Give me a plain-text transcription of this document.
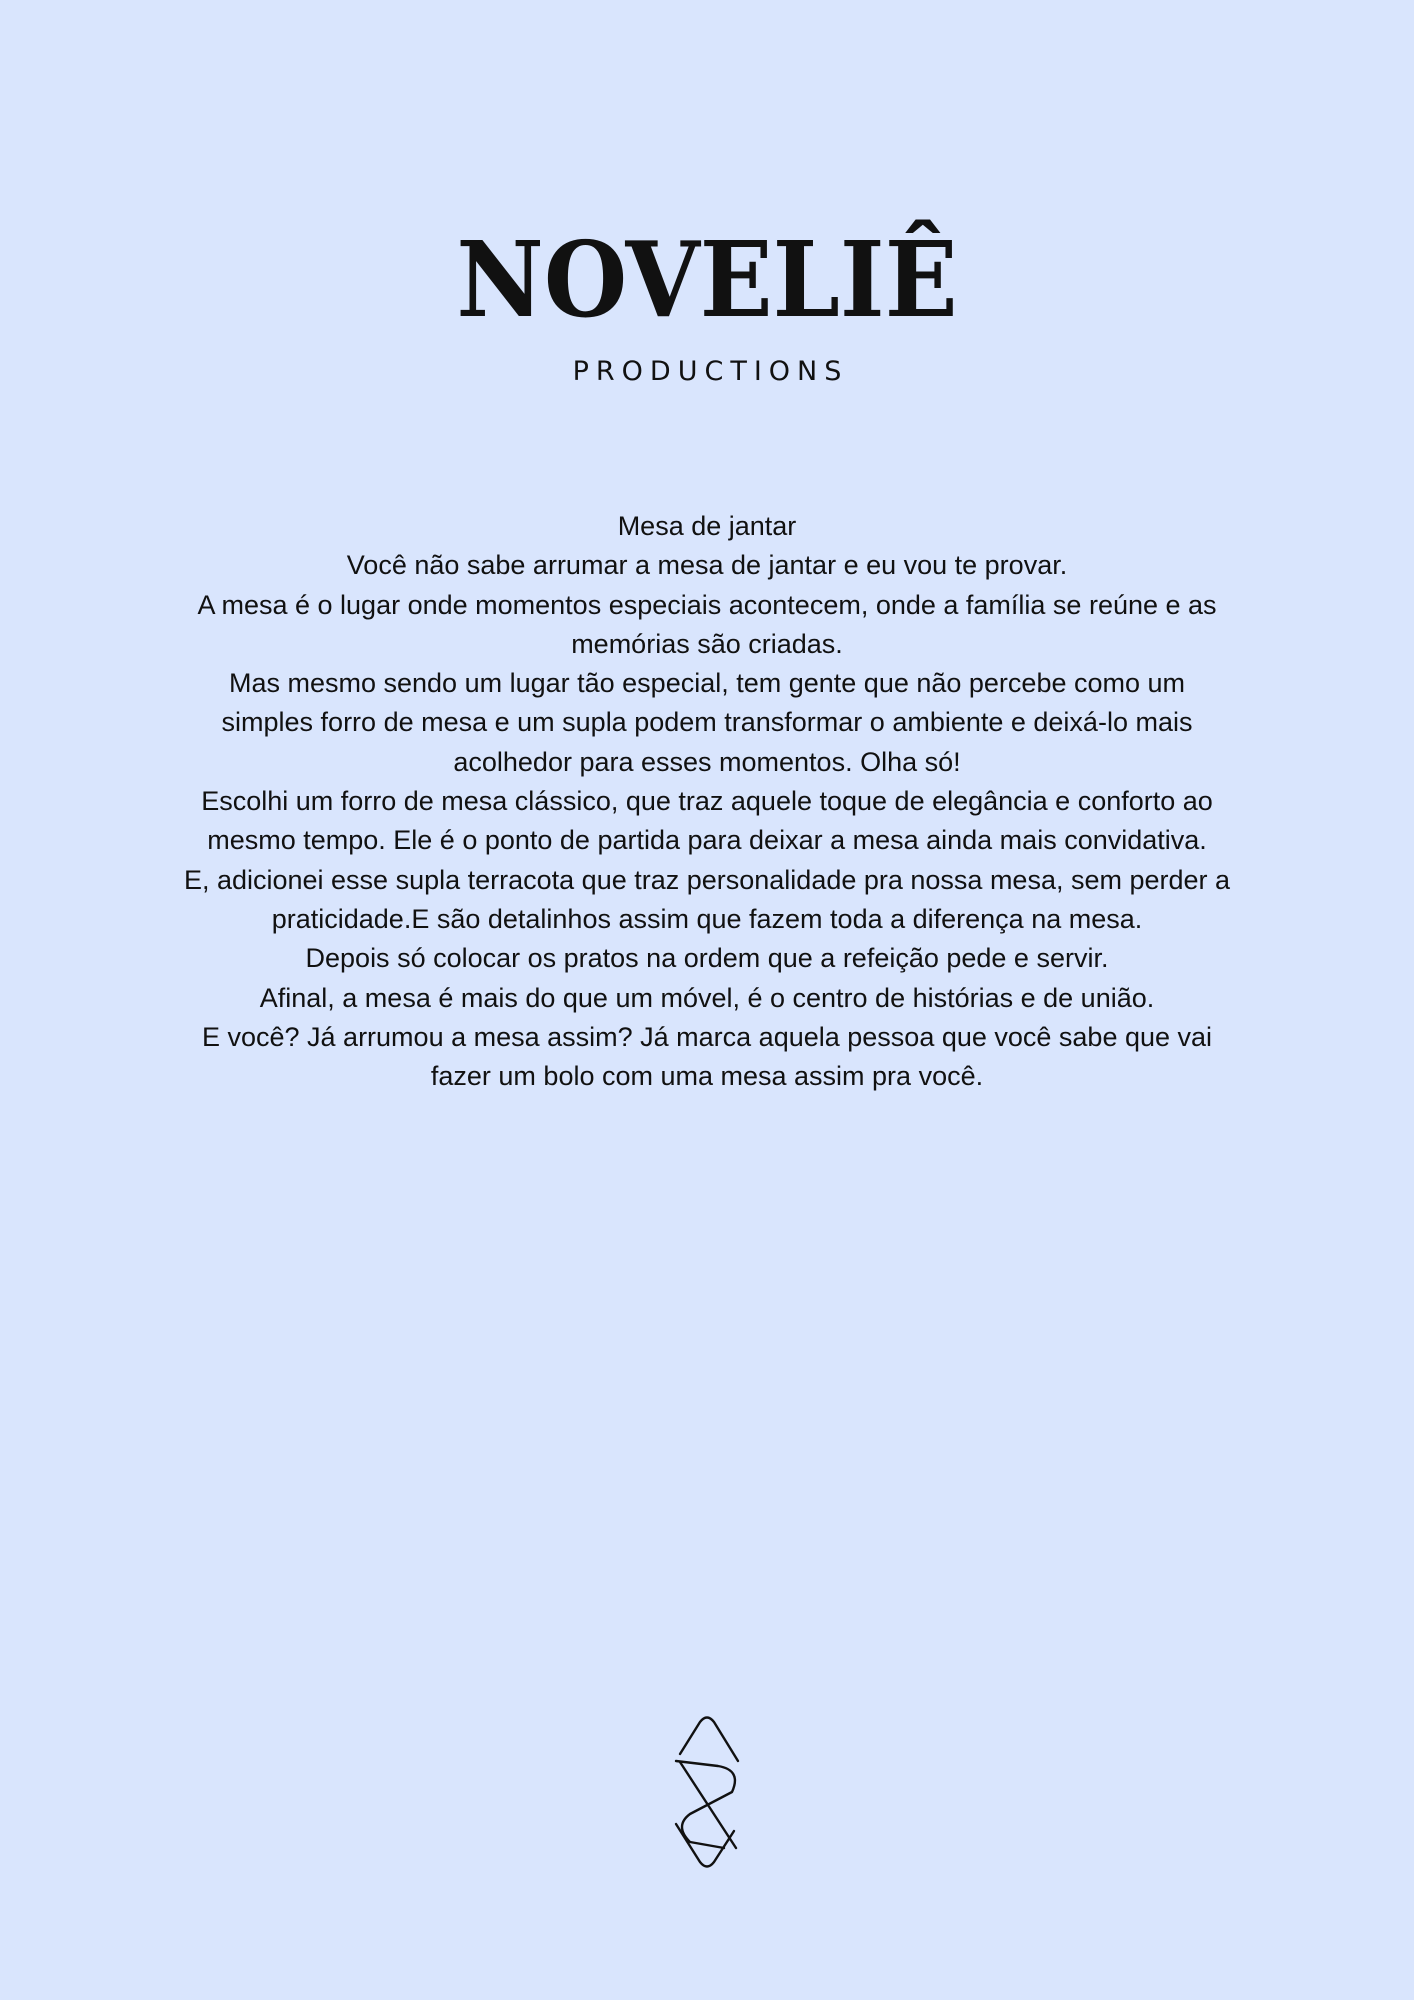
NOVELIÊ
PRODUCTIONS

Mesa de jantar

Você não sabe arrumar a mesa de jantar e eu vou te provar.

A mesa é o lugar onde momentos especiais acontecem, onde a família se reúne e as memórias são criadas.

Mas mesmo sendo um lugar tão especial, tem gente que não percebe como um simples forro de mesa e um supla podem transformar o ambiente e deixá-lo mais acolhedor para esses momentos. Olha só!

Escolhi um forro de mesa clássico, que traz aquele toque de elegância e conforto ao mesmo tempo. Ele é o ponto de partida para deixar a mesa ainda mais convidativa.

E, adicionei esse supla terracota que traz personalidade pra nossa mesa, sem perder a praticidade.E são detalinhos assim que fazem toda a diferença na mesa.

Depois só colocar os pratos na ordem que a refeição pede e servir.

Afinal, a mesa é mais do que um móvel, é o centro de histórias e de união.

E você? Já arrumou a mesa assim? Já marca aquela pessoa que você sabe que vai fazer um bolo com uma mesa assim pra você.
